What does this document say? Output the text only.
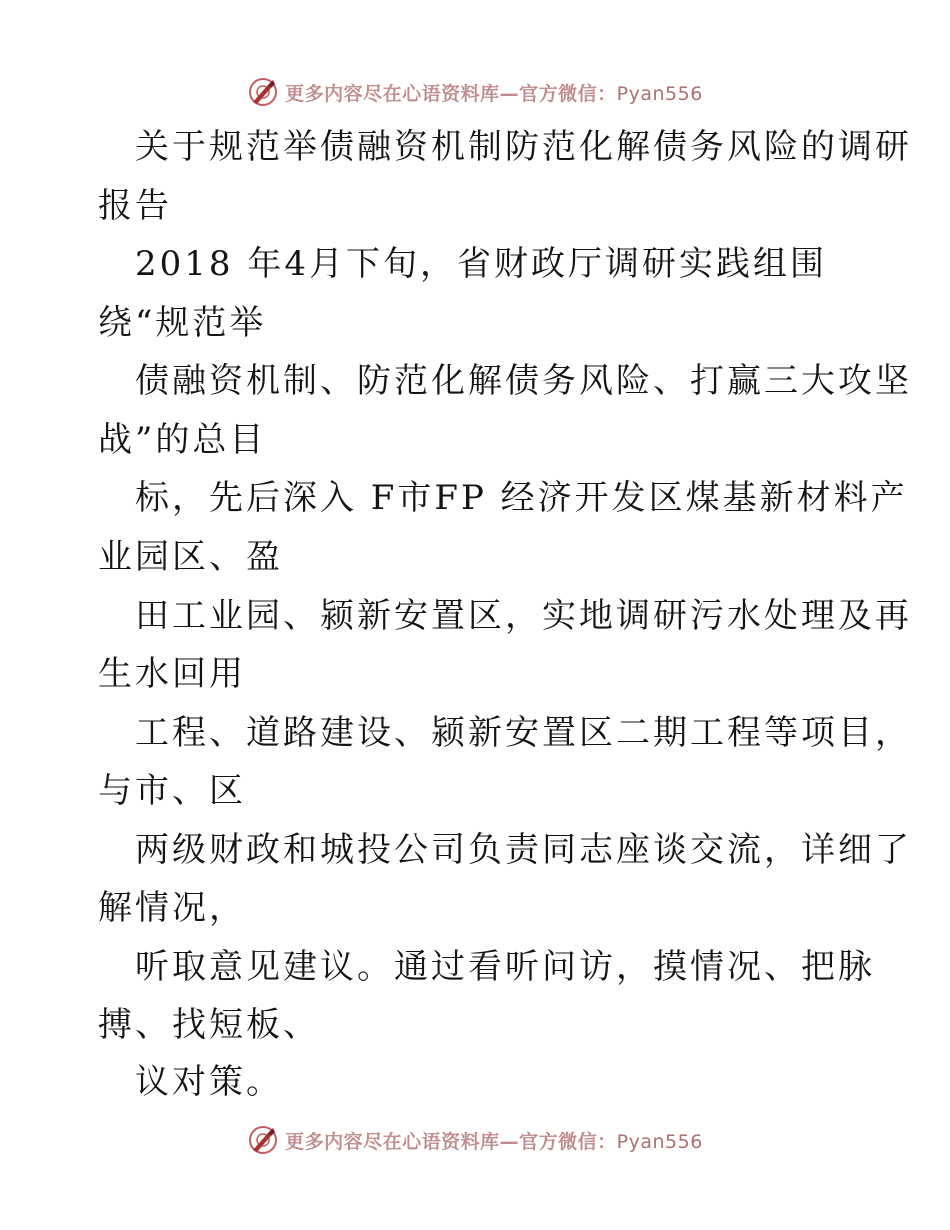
更多内容尽在心语资料库—官方微信：Pyan556
关于规范举债融资机制防范化解债务风险的调研
报告
2018 年4月下旬，省财政厅调研实践组围
绕“规范举
债融资机制、防范化解债务风险、打赢三大攻坚
战”的总目
标，先后深入 F市FP 经济开发区煤基新材料产
业园区、盈
田工业园、颍新安置区，实地调研污水处理及再
生水回用
工程、道路建设、颍新安置区二期工程等项目，
与市、区
两级财政和城投公司负责同志座谈交流，详细了
解情况，
听取意见建议。通过看听问访，摸情况、把脉
搏、找短板、
议对策。
更多内容尽在心语资料库—官方微信：Pyan556
